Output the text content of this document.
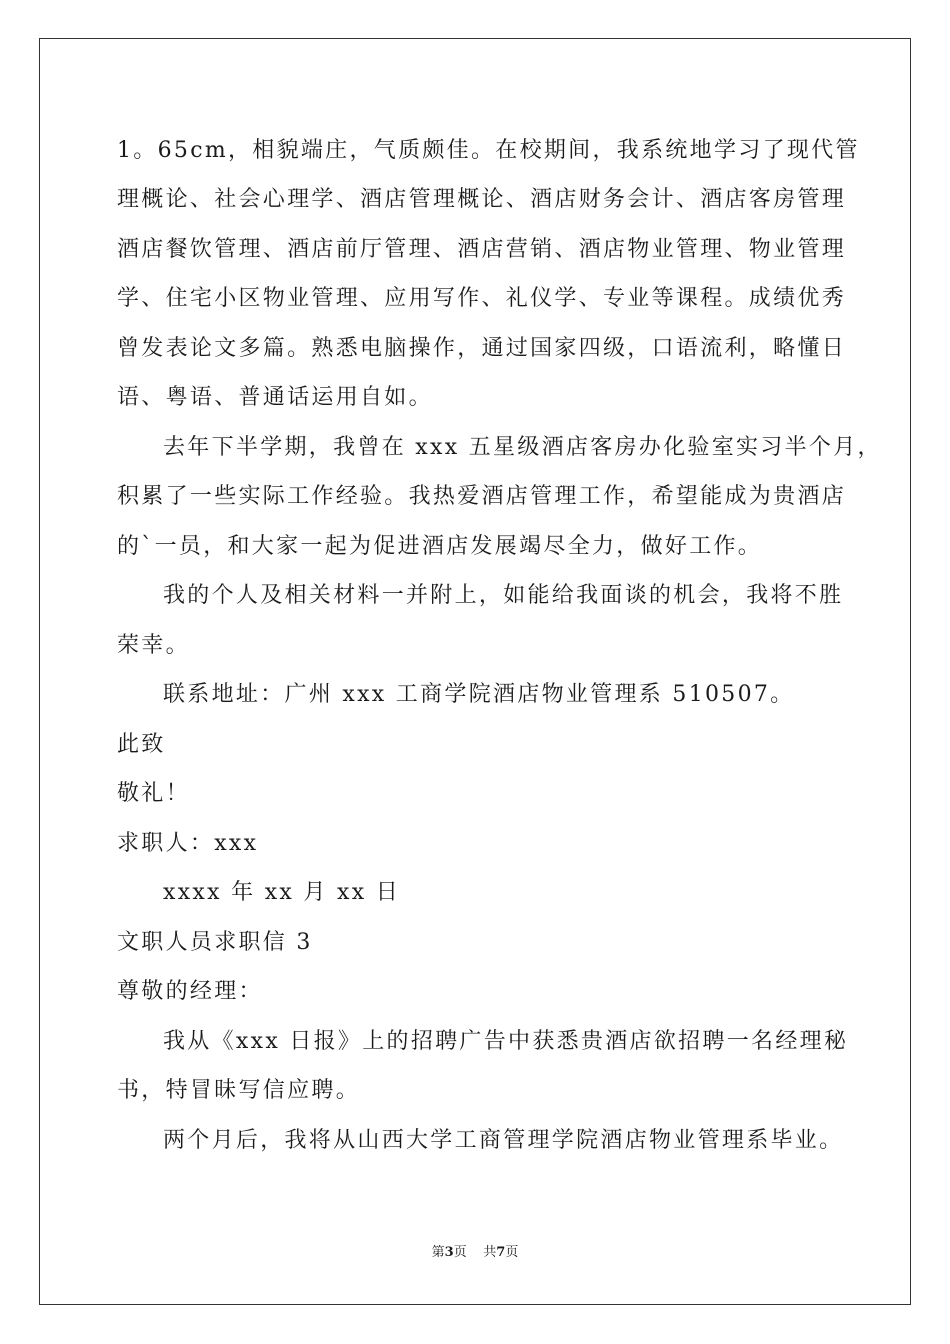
1。65cm，相貌端庄，气质颇佳。在校期间，我系统地学习了现代管
理概论、社会心理学、酒店管理概论、酒店财务会计、酒店客房管理
酒店餐饮管理、酒店前厅管理、酒店营销、酒店物业管理、物业管理
学、住宅小区物业管理、应用写作、礼仪学、专业等课程。成绩优秀
曾发表论文多篇。熟悉电脑操作，通过国家四级，口语流利，略懂日
语、粤语、普通话运用自如。
去年下半学期，我曾在 xxx 五星级酒店客房办化验室实习半个月，
积累了一些实际工作经验。我热爱酒店管理工作，希望能成为贵酒店
的`一员，和大家一起为促进酒店发展竭尽全力，做好工作。
我的个人及相关材料一并附上，如能给我面谈的机会，我将不胜
荣幸。
联系地址：广州 xxx 工商学院酒店物业管理系 510507。
此致
敬礼！
求职人：xxx
xxxx 年 xx 月 xx 日
文职人员求职信 3
尊敬的经理：
我从《xxx 日报》上的招聘广告中获悉贵酒店欲招聘一名经理秘
书，特冒昧写信应聘。
两个月后，我将从山西大学工商管理学院酒店物业管理系毕业。
第3页 共7页
